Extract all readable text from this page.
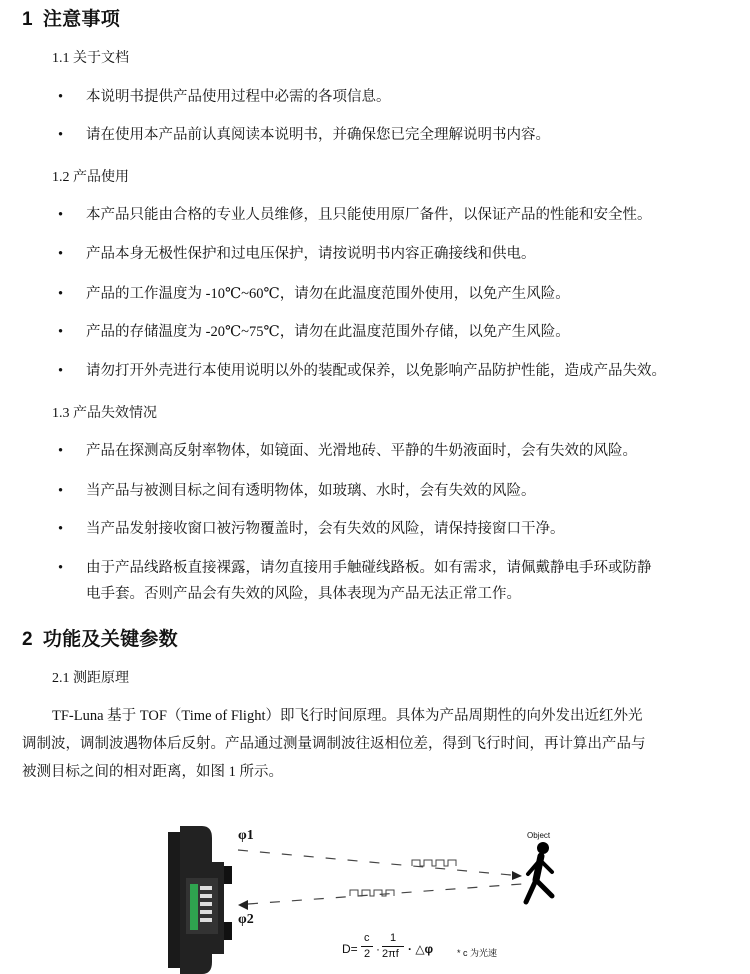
1 注意事项
1.1 关于文档
• 本说明书提供产品使用过程中必需的各项信息。
• 请在使用本产品前认真阅读本说明书，并确保您已完全理解说明书内容。
1.2 产品使用
• 本产品只能由合格的专业人员维修，且只能使用原厂备件，以保证产品的性能和安全性。
• 产品本身无极性保护和过电压保护，请按说明书内容正确接线和供电。
• 产品的工作温度为 -10℃~60℃，请勿在此温度范围外使用，以免产生风险。
• 产品的存储温度为 -20℃~75℃，请勿在此温度范围外存储，以免产生风险。
• 请勿打开外壳进行本使用说明以外的装配或保养，以免影响产品防护性能，造成产品失效。
1.3 产品失效情况
• 产品在探测高反射率物体，如镜面、光滑地砖、平静的牛奶液面时，会有失效的风险。
• 当产品与被测目标之间有透明物体，如玻璃、水时，会有失效的风险。
• 当产品发射接收窗口被污物覆盖时，会有失效的风险，请保持接窗口干净。
• 由于产品线路板直接裸露，请勿直接用手触碰线路板。如有需求，请佩戴静电手环或防静
电手套。否则产品会有失效的风险，具体表现为产品无法正常工作。
2 功能及关键参数
2.1 测距原理
TF-Luna 基于 TOF（Time of Flight）即飞行时间原理。具体为产品周期性的向外发出近红外光
调制波，调制波遇物体后反射。产品通过测量调制波往返相位差，得到飞行时间，再计算出产品与
被测目标之间的相对距离，如图 1 所示。
φ1
φ2
Object
D=
c
2 ·
1
2πf · △φ	* c 为光速
